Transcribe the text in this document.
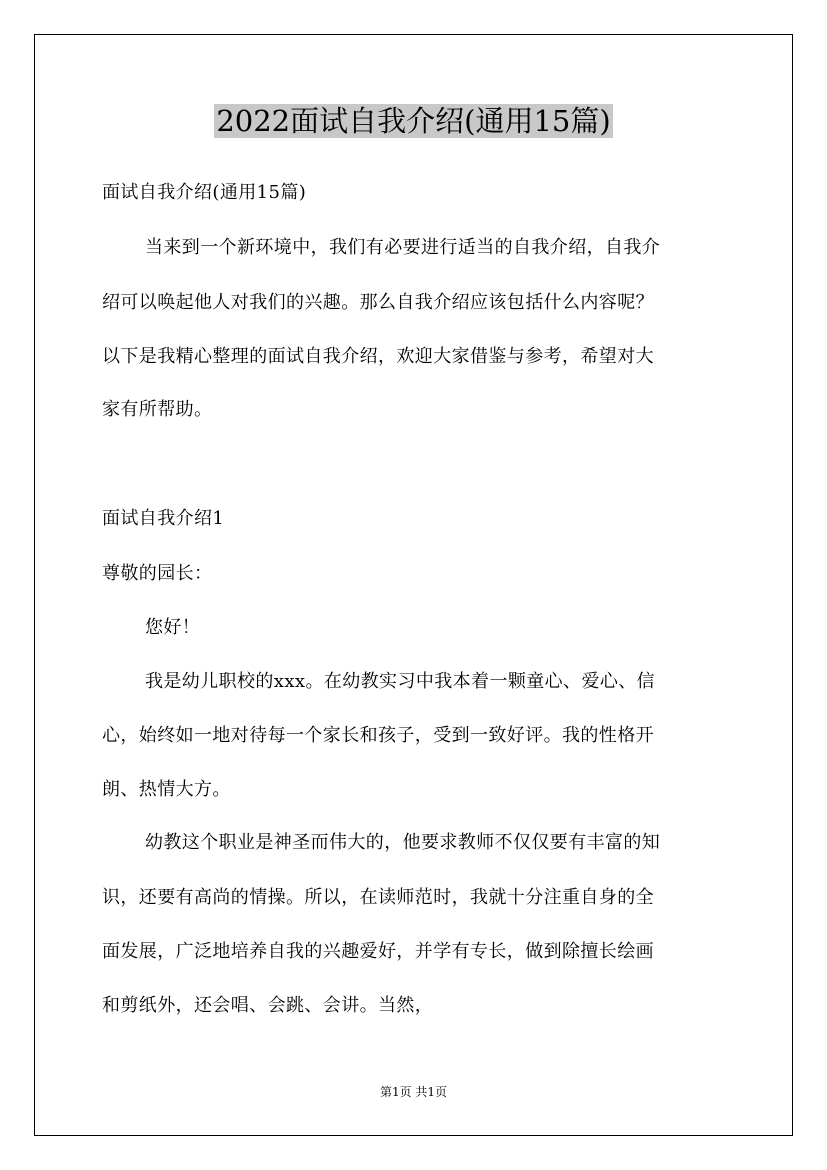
2022面试自我介绍(通用15篇)
面试自我介绍(通用15篇)
当来到一个新环境中，我们有必要进行适当的自我介绍，自我介
绍可以唤起他人对我们的兴趣。那么自我介绍应该包括什么内容呢？
以下是我精心整理的面试自我介绍，欢迎大家借鉴与参考，希望对大
家有所帮助。
面试自我介绍1
尊敬的园长：
您好！
我是幼儿职校的xxx。在幼教实习中我本着一颗童心、爱心、信
心，始终如一地对待每一个家长和孩子，受到一致好评。我的性格开
朗、热情大方。
幼教这个职业是神圣而伟大的，他要求教师不仅仅要有丰富的知
识，还要有高尚的情操。所以，在读师范时，我就十分注重自身的全
面发展，广泛地培养自我的兴趣爱好，并学有专长，做到除擅长绘画
和剪纸外，还会唱、会跳、会讲。当然，
第1页 共1页
